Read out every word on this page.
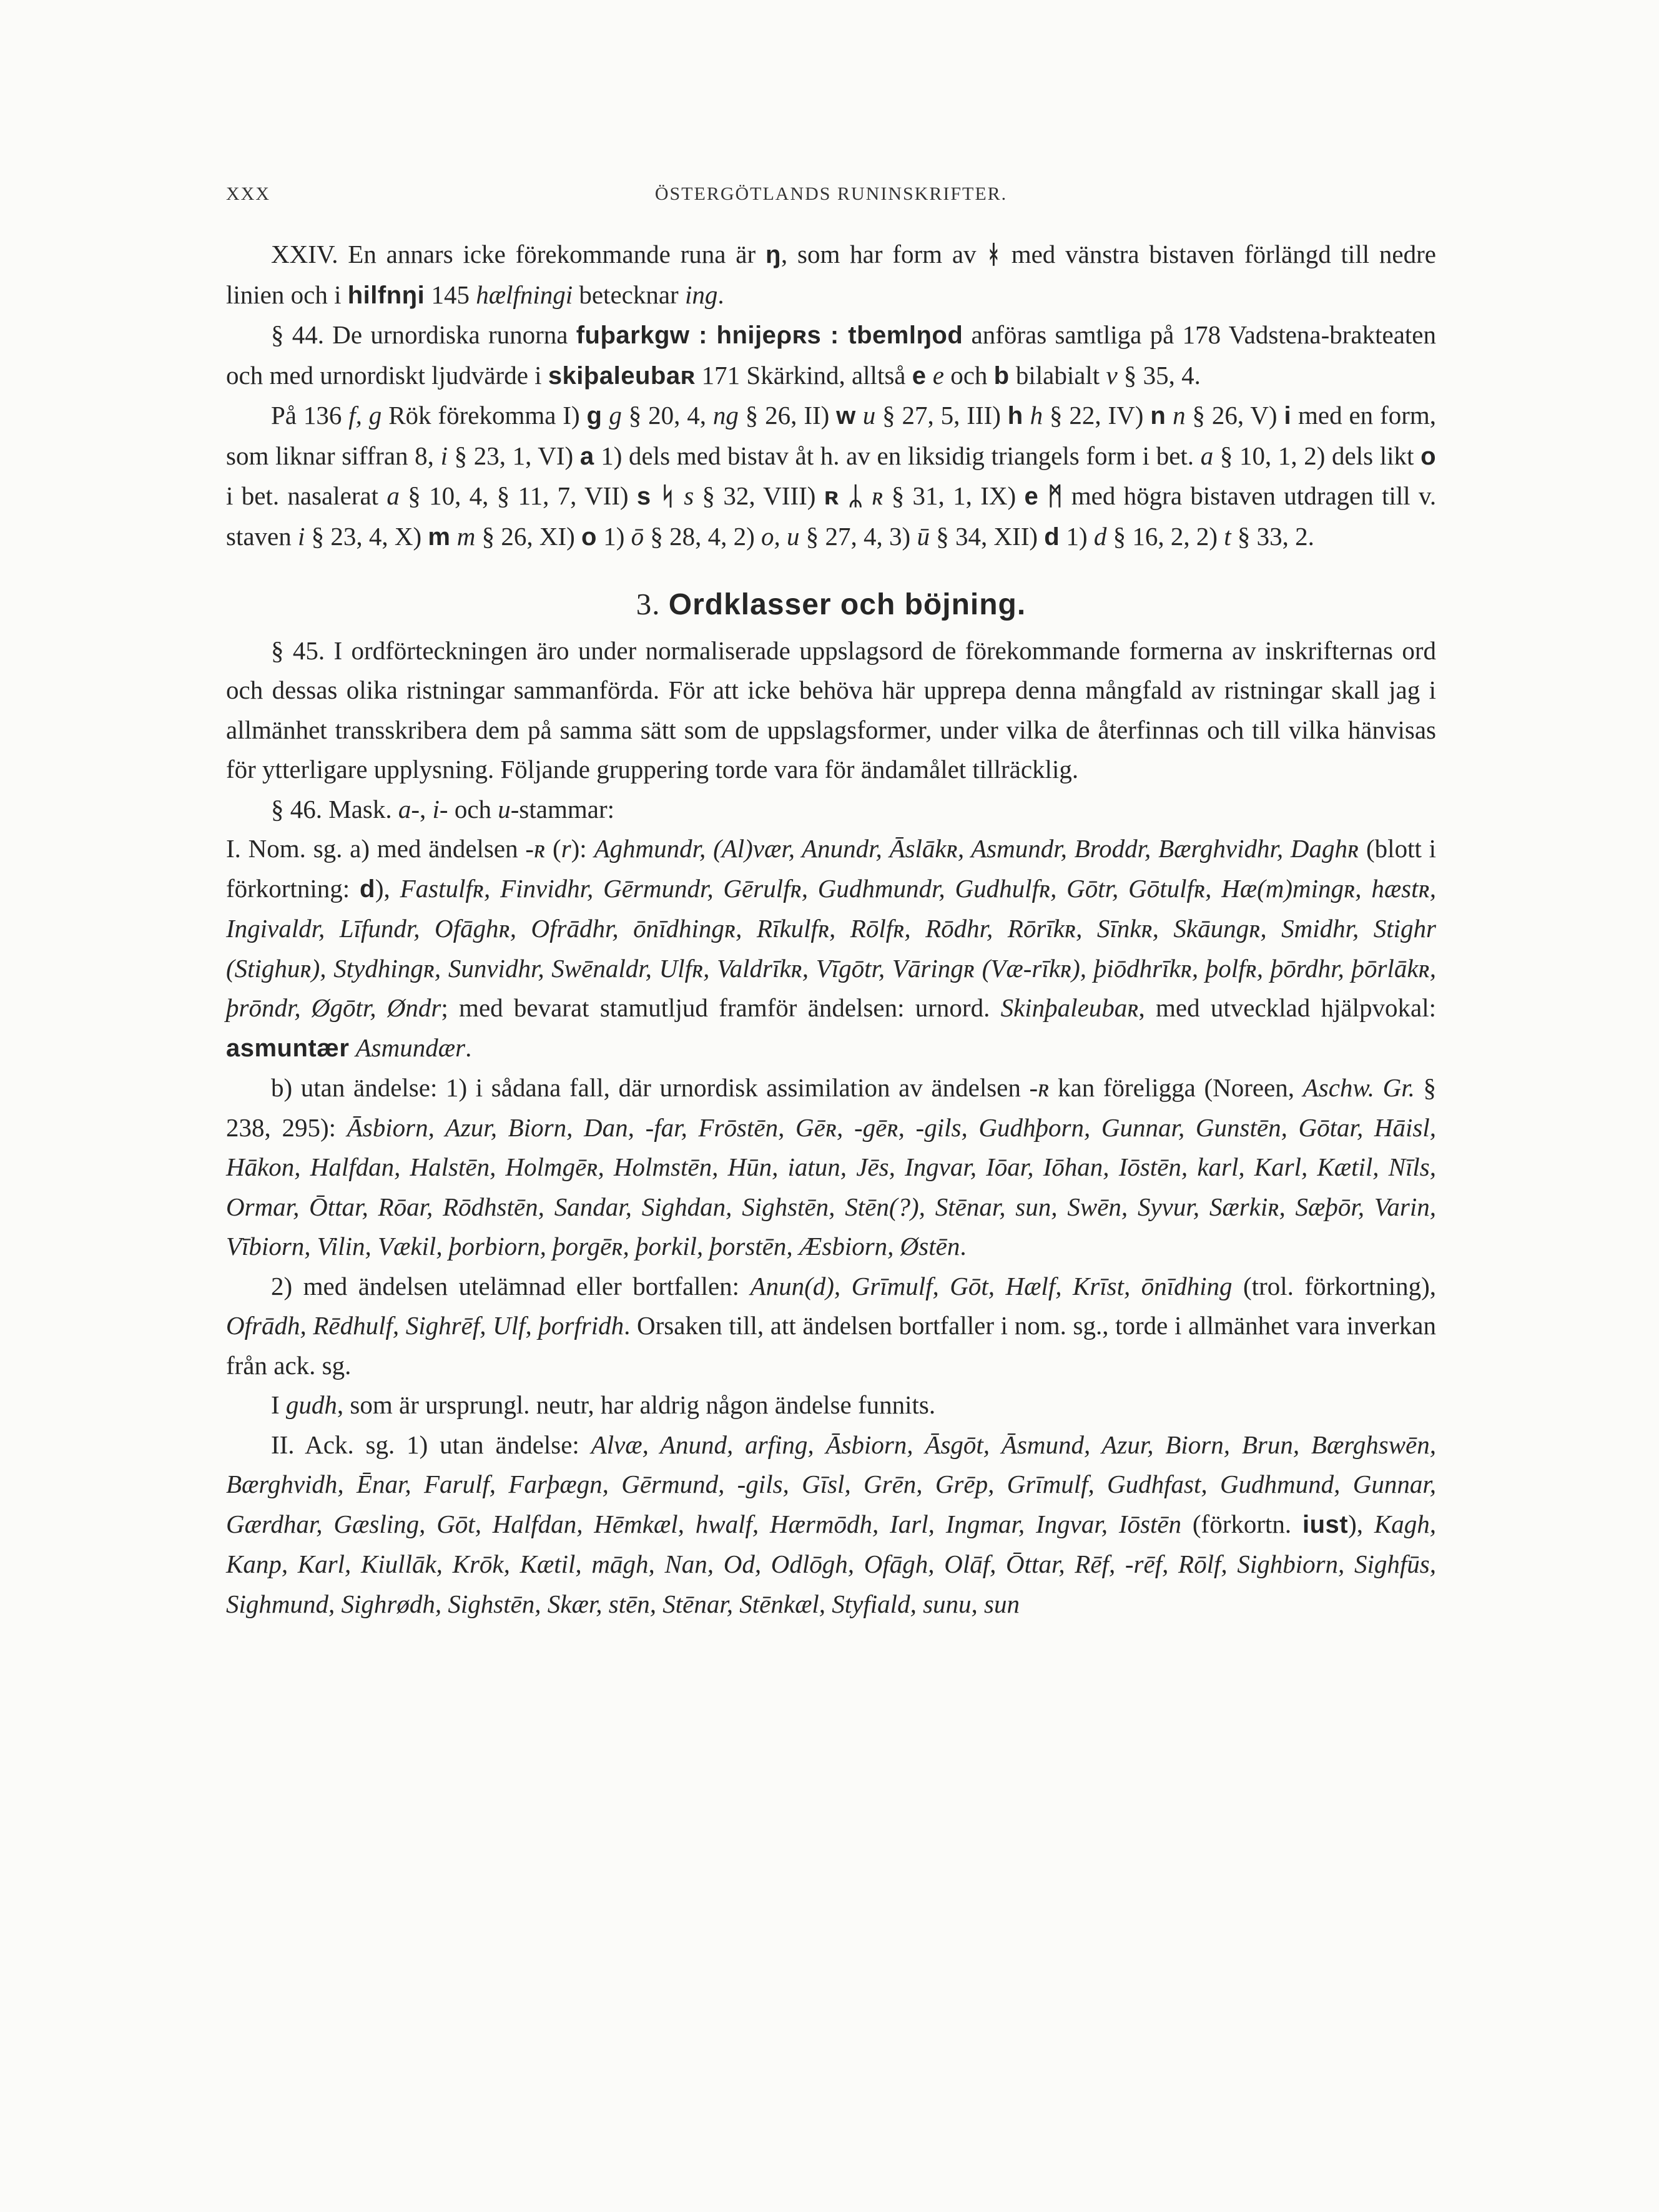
XXX	ÖSTERGÖTLANDS RUNINSKRIFTER.

XXIV. En annars icke förekommande runa är ŋ, som har form av ᚼ med vänstra bistaven förlängd till nedre linien och i hilfnŋi 145 hælfningi betecknar ing.

§ 44. De urnordiska runorna fuþarkgw : hnijeρʀs : tbemlŋod anföras samtliga på 178 Vadstena-brakteaten och med urnordiskt ljudvärde i skiþaleubaʀ 171 Skärkind, alltså e e och b bilabialt v § 35, 4.

På 136 f, g Rök förekomma I) g g § 20, 4, ng § 26, II) w u § 27, 5, III) h h § 22, IV) n n § 26, V) i med en form, som liknar siffran 8, i § 23, 1, VI) a 1) dels med bistav åt h. av en liksidig triangels form i bet. a § 10, 1, 2) dels likt o i bet. nasalerat a § 10, 4, § 11, 7, VII) s ᛋ s § 32, VIII) ʀ ᛦ ʀ § 31, 1, IX) e ᛗ med högra bistaven utdragen till v. staven i § 23, 4, X) m m § 26, XI) o 1) ō § 28, 4, 2) o, u § 27, 4, 3) ū § 34, XII) d 1) d § 16, 2, 2) t § 33, 2.

3. Ordklasser och böjning.

§ 45. I ordförteckningen äro under normaliserade uppslagsord de förekommande formerna av inskrifternas ord och dessas olika ristningar sammanförda. För att icke behöva här upprepa denna mångfald av ristningar skall jag i allmänhet transskribera dem på samma sätt som de uppslagsformer, under vilka de återfinnas och till vilka hänvisas för ytterligare upplysning. Följande gruppering torde vara för ändamålet tillräcklig.

§ 46. Mask. a-, i- och u-stammar:

I. Nom. sg. a) med ändelsen -ʀ (r): Aghmundr, (Al)vær, Anundr, Āslākʀ, Asmundr, Broddr, Bærghvidhr, Daghʀ (blott i förkortning: d), Fastulfʀ, Finvidhr, Gērmundr, Gērulfʀ, Gudhmundr, Gudhulfʀ, Gōtr, Gōtulfʀ, Hæ(m)mingʀ, hæstʀ, Ingivaldr, Līfundr, Ofāghʀ, Ofrādhr, ōnīdhingʀ, Rīkulfʀ, Rōlfʀ, Rōdhr, Rōrīkʀ, Sīnkʀ, Skāungʀ, Smidhr, Stighr (Stighuʀ), Stydhingʀ, Sunvidhr, Swēnaldr, Ulfʀ, Valdrīkʀ, Vīgōtr, Vāringʀ (Væ-rīkʀ), þiōdhrīkʀ, þolfʀ, þōrdhr, þōrlākʀ, þrōndr, Øgōtr, Øndr; med bevarat stamutljud framför ändelsen: urnord. Skinþaleubaʀ, med utvecklad hjälpvokal: asmuntær Asmundær.

b) utan ändelse: 1) i sådana fall, där urnordisk assimilation av ändelsen -ʀ kan föreligga (Noreen, Aschw. Gr. § 238, 295): Āsbiorn, Azur, Biorn, Dan, -far, Frōstēn, Gēʀ, -gēʀ, -gils, Gudhþorn, Gunnar, Gunstēn, Gōtar, Hāisl, Hākon, Halfdan, Halstēn, Holmgēʀ, Holmstēn, Hūn, iatun, Jēs, Ingvar, Iōar, Iōhan, Iōstēn, karl, Karl, Kætil, Nīls, Ormar, Ōttar, Rōar, Rōdhstēn, Sandar, Sighdan, Sighstēn, Stēn(?), Stēnar, sun, Swēn, Syvur, Særkiʀ, Sæþōr, Varin, Vībiorn, Vilin, Vækil, þorbiorn, þorgēʀ, þorkil, þorstēn, Æsbiorn, Østēn.

2) med ändelsen utelämnad eller bortfallen: Anun(d), Grīmulf, Gōt, Hælf, Krīst, ōnīdhing (trol. förkortning), Ofrādh, Rēdhulf, Sighrēf, Ulf, þorfridh. Orsaken till, att ändelsen bortfaller i nom. sg., torde i allmänhet vara inverkan från ack. sg.

I gudh, som är ursprungl. neutr, har aldrig någon ändelse funnits.

II. Ack. sg. 1) utan ändelse: Alvæ, Anund, arfing, Āsbiorn, Āsgōt, Āsmund, Azur, Biorn, Brun, Bærghswēn, Bærghvidh, Ēnar, Farulf, Farþægn, Gērmund, -gils, Gīsl, Grēn, Grēp, Grīmulf, Gudhfast, Gudhmund, Gunnar, Gærdhar, Gæsling, Gōt, Halfdan, Hēmkæl, hwalf, Hærmōdh, Iarl, Ingmar, Ingvar, Iōstēn (förkortn. iust), Kagh, Kanp, Karl, Kiullāk, Krōk, Kætil, māgh, Nan, Od, Odlōgh, Ofāgh, Olāf, Ōttar, Rēf, -rēf, Rōlf, Sighbiorn, Sighfūs, Sighmund, Sighrødh, Sighstēn, Skær, stēn, Stēnar, Stēnkæl, Styfiald, sunu, sun
